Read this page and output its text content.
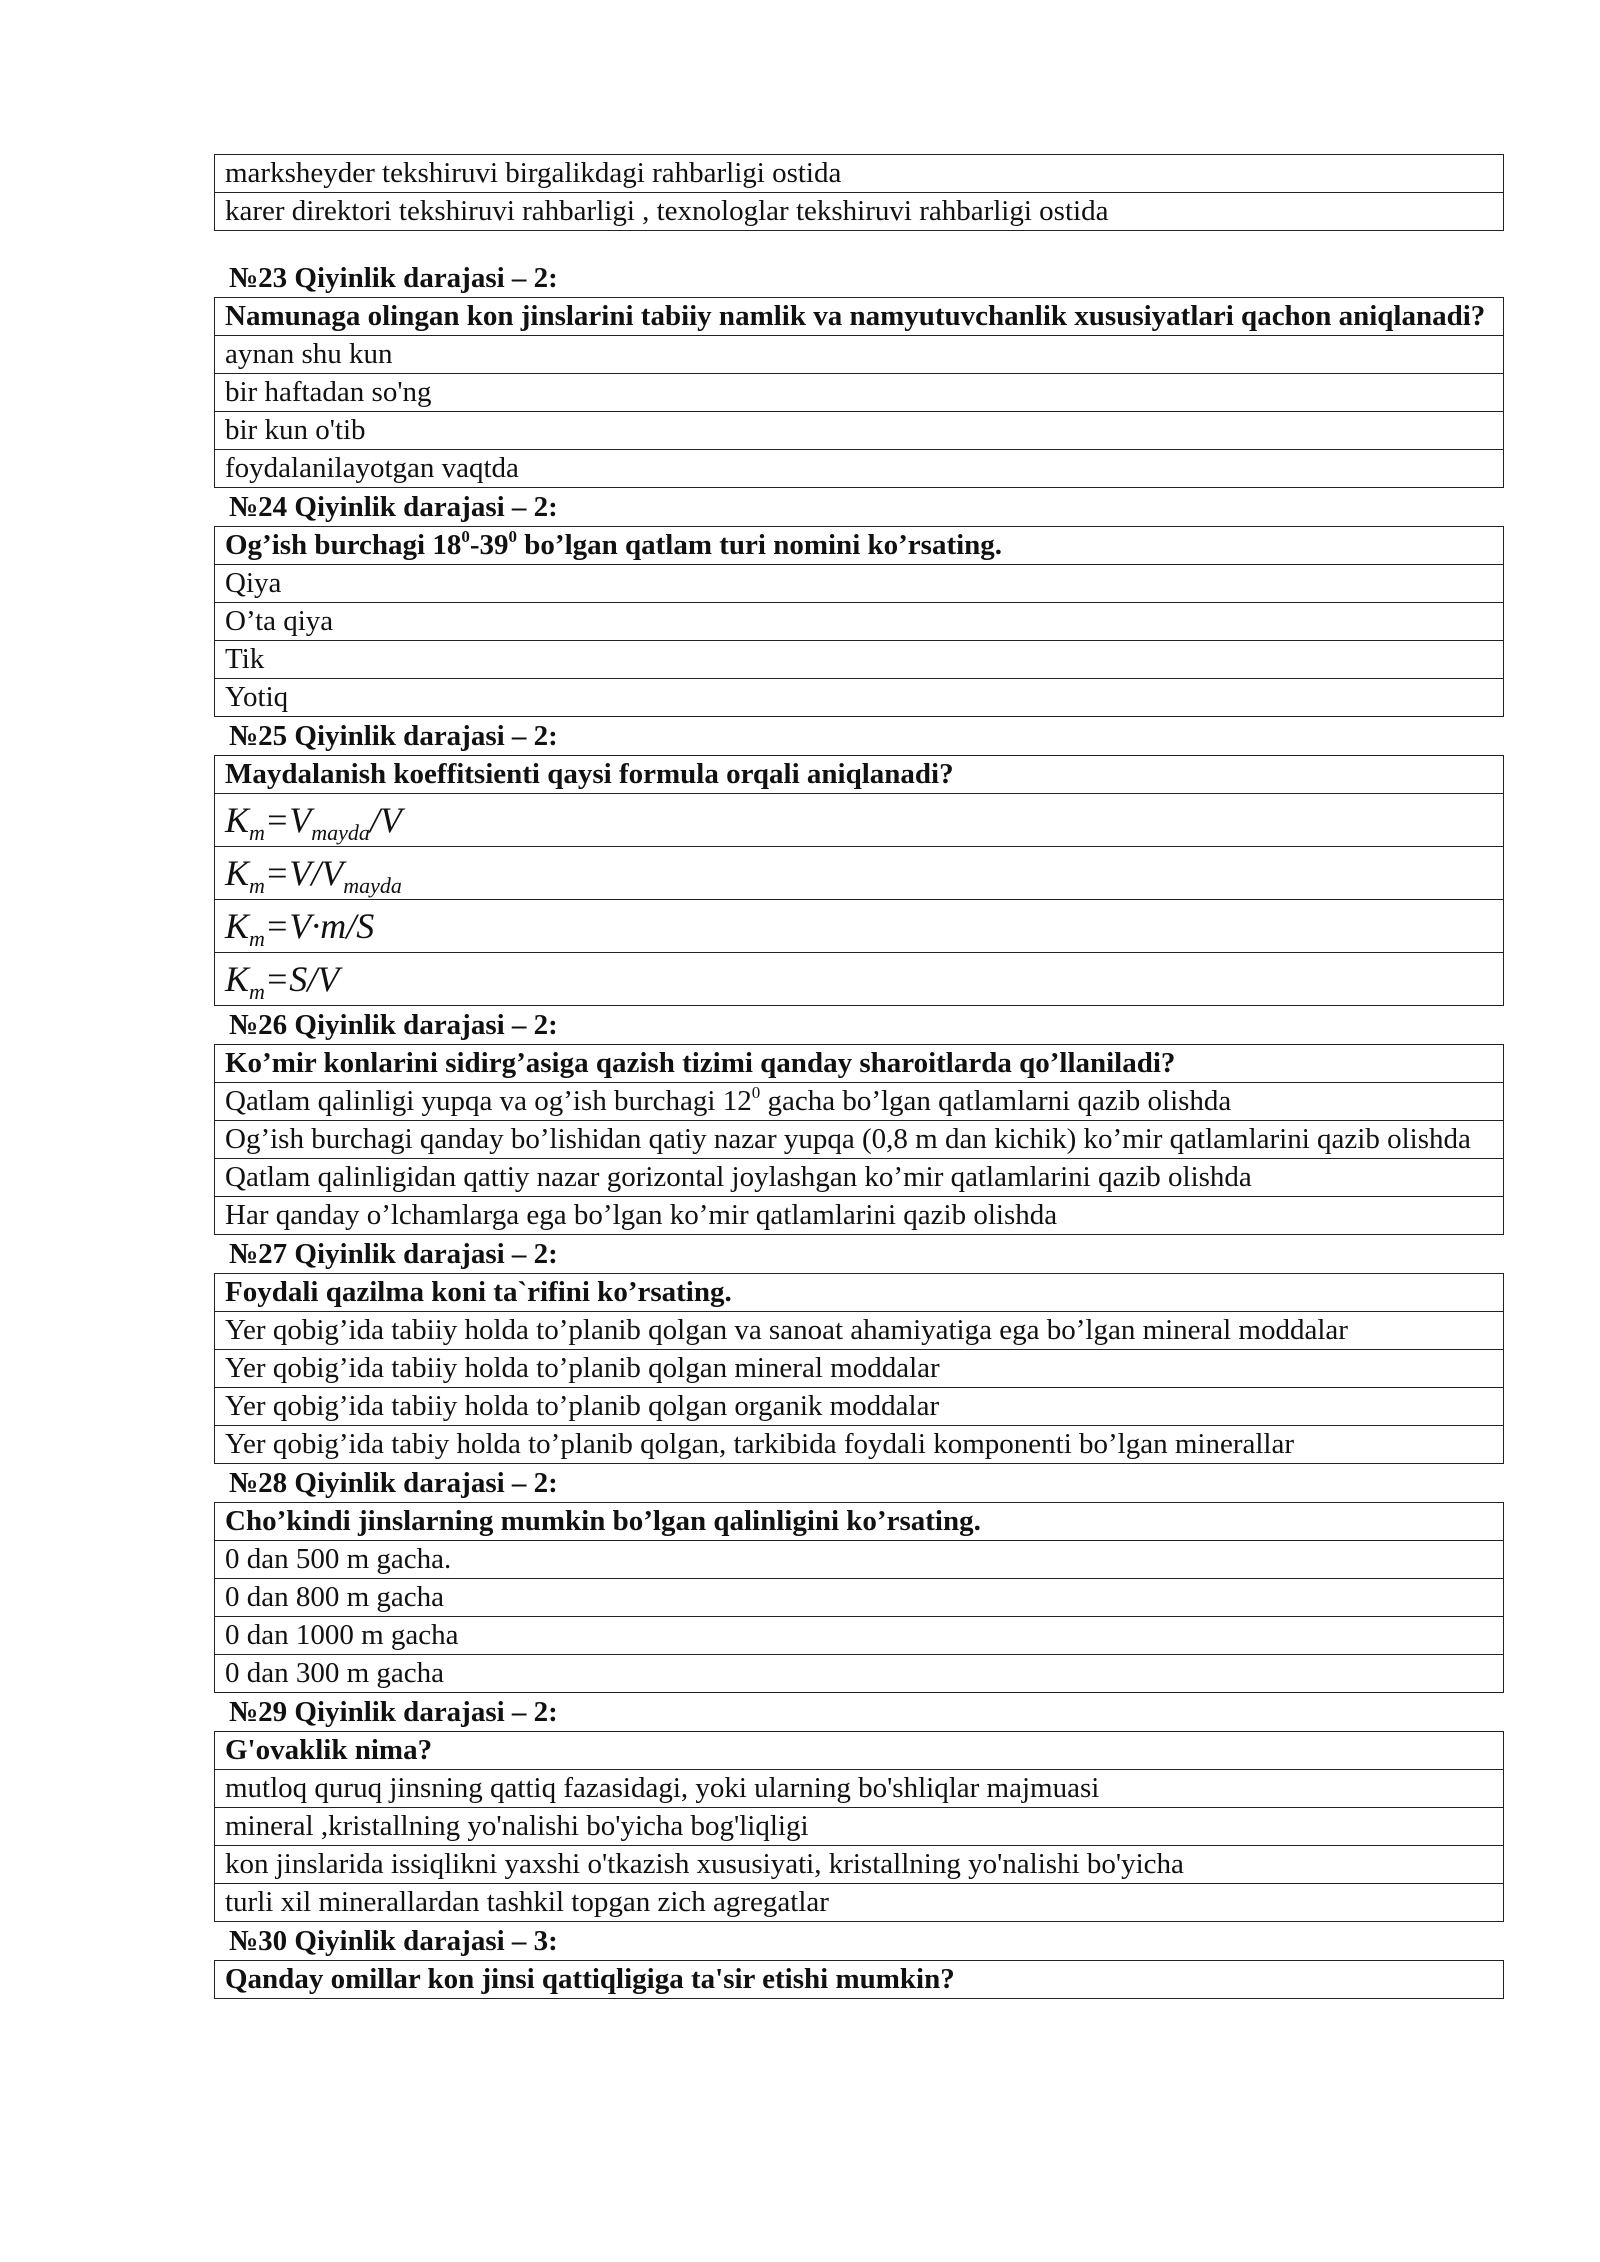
marksheyder tekshiruvi birgalikdagi rahbarligi ostida
karer direktori tekshiruvi rahbarligi , texnologlar tekshiruvi rahbarligi ostida
№23 Qiyinlik darajasi – 2:
Namunaga olingan kon jinslarini tabiiy namlik va namyutuvchanlik xususiyatlari qachon aniqlanadi?
aynan shu kun
bir haftadan so'ng
bir kun o'tib
foydalanilayotgan vaqtda
№24 Qiyinlik darajasi – 2:
Og’ish burchagi $18^0-39^0$ bo’lgan qatlam turi nomini ko’rsating.
Qiya
O’ta qiya
Tik
Yotiq
№25 Qiyinlik darajasi – 2:
Maydalanish koeffitsienti qaysi formula orqali aniqlanadi?
$K_m=V_{mayda}/V$
$K_m=V/V_{mayda}$
$K_m=V\cdot m/S$
$K_m=S/V$
№26 Qiyinlik darajasi – 2:
Ko’mir konlarini sidirg’asiga qazish tizimi qanday sharoitlarda qo’llaniladi?
Qatlam qalinligi yupqa va og’ish burchagi $12^0$ gacha bo’lgan qatlamlarni qazib olishda
Og’ish burchagi qanday bo’lishidan qatiy nazar yupqa (0,8 m dan kichik) ko’mir qatlamlarini qazib olishda
Qatlam qalinligidan qattiy nazar gorizontal joylashgan ko’mir qatlamlarini qazib olishda
Har qanday o’lchamlarga ega bo’lgan ko’mir qatlamlarini qazib olishda
№27 Qiyinlik darajasi – 2:
Foydali qazilma koni ta`rifini ko’rsating.
Yer qobig’ida tabiiy holda to’planib qolgan va sanoat ahamiyatiga ega bo’lgan mineral moddalar
Yer qobig’ida tabiiy holda to’planib qolgan mineral moddalar
Yer qobig’ida tabiiy holda to’planib qolgan organik moddalar
Yer qobig’ida tabiy holda to’planib qolgan, tarkibida foydali komponenti bo’lgan minerallar
№28 Qiyinlik darajasi – 2:
Cho’kindi jinslarning mumkin bo’lgan qalinligini ko’rsating.
0 dan 500 m gacha.
0 dan 800 m gacha
0 dan 1000 m gacha
0 dan 300 m gacha
№29 Qiyinlik darajasi – 2:
G'ovaklik nima?
mutloq quruq jinsning qattiq fazasidagi, yoki ularning bo'shliqlar majmuasi
mineral ,kristallning yo'nalishi bo'yicha bog'liqligi
kon jinslarida issiqlikni yaxshi o'tkazish xususiyati, kristallning yo'nalishi bo'yicha
turli xil minerallardan tashkil topgan zich agregatlar
№30 Qiyinlik darajasi – 3:
Qanday omillar kon jinsi qattiqligiga ta'sir etishi mumkin?
